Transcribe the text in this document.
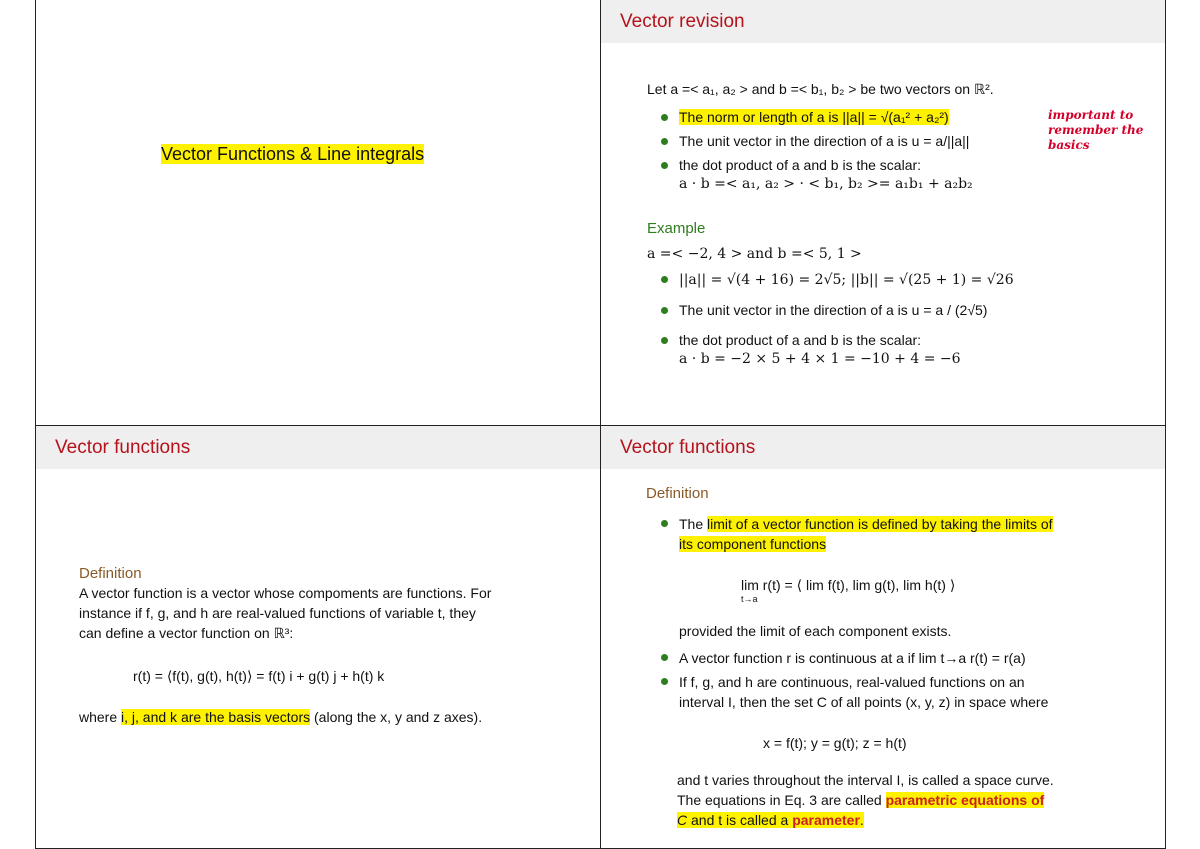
Vector Functions & Line integrals
Vector revision
Let a =< a₁, a₂ > and b =< b₁, b₂ > be two vectors on ℝ².
The norm or length of a is ||a|| = √(a₁² + a₂²)
The unit vector in the direction of a is u = a/||a||
the dot product of a and b is the scalar:
a · b =< a₁, a₂ > · < b₁, b₂ >= a₁b₁ + a₂b₂
important to remember the basics
Example
a =< −2, 4 > and b =< 5, 1 >
||a|| = √(4 + 16) = 2√5; ||b|| = √(25 + 1) = √26
The unit vector in the direction of a is u = a / (2√5)
the dot product of a and b is the scalar:
a · b = −2 × 5 + 4 × 1 = −10 + 4 = −6
Vector functions
Definition
A vector function is a vector whose compoments are functions. For
instance if f, g, and h are real-valued functions of variable t, they
can define a vector function on ℝ³:
r(t) = ⟨f(t), g(t), h(t)⟩ = f(t) i + g(t) j + h(t) k
where i, j, and k are the basis vectors (along the x, y and z axes).
Vector functions
Definition
The limit of a vector function is defined by taking the limits of
its component functions
lim r(t) = ⟨ lim f(t), lim g(t), lim h(t) ⟩
t→a
provided the limit of each component exists.
A vector function r is continuous at a if lim t→a r(t) = r(a)
If f, g, and h are continuous, real-valued functions on an
interval I, then the set C of all points (x, y, z) in space where
x = f(t); y = g(t); z = h(t)
and t varies throughout the interval I, is called a space curve.
The equations in Eq. 3 are called parametric equations of
C and t is called a parameter.
